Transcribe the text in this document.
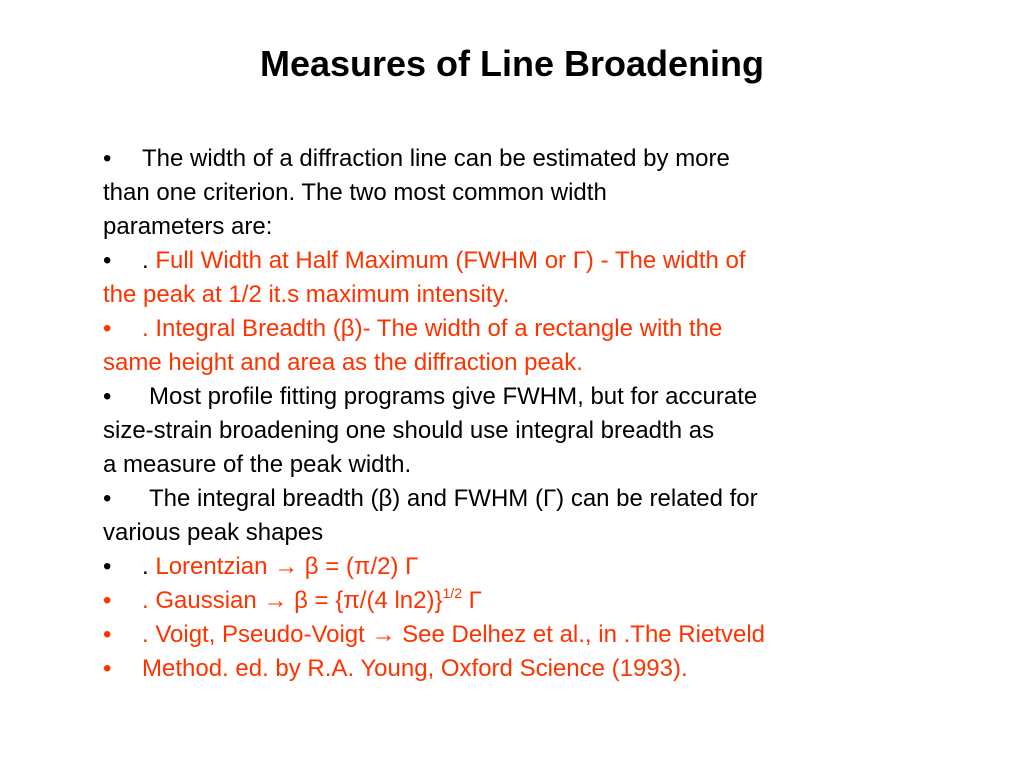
Measures of Line Broadening
• The width of a diffraction line can be estimated by more
than one criterion. The two most common width
parameters are:
• . Full Width at Half Maximum (FWHM or Γ) - The width of
the peak at 1/2 it.s maximum intensity.
• . Integral Breadth (β)- The width of a rectangle with the
same height and area as the diffraction peak.
• Most profile fitting programs give FWHM, but for accurate
size-strain broadening one should use integral breadth as
a measure of the peak width.
• The integral breadth (β) and FWHM (Γ) can be related for
various peak shapes
• . Lorentzian → β = (π/2) Γ
• . Gaussian → β = {π/(4 ln2)}$^{1/2}$ Γ
• . Voigt, Pseudo-Voigt → See Delhez et al., in .The Rietveld
• Method. ed. by R.A. Young, Oxford Science (1993).
